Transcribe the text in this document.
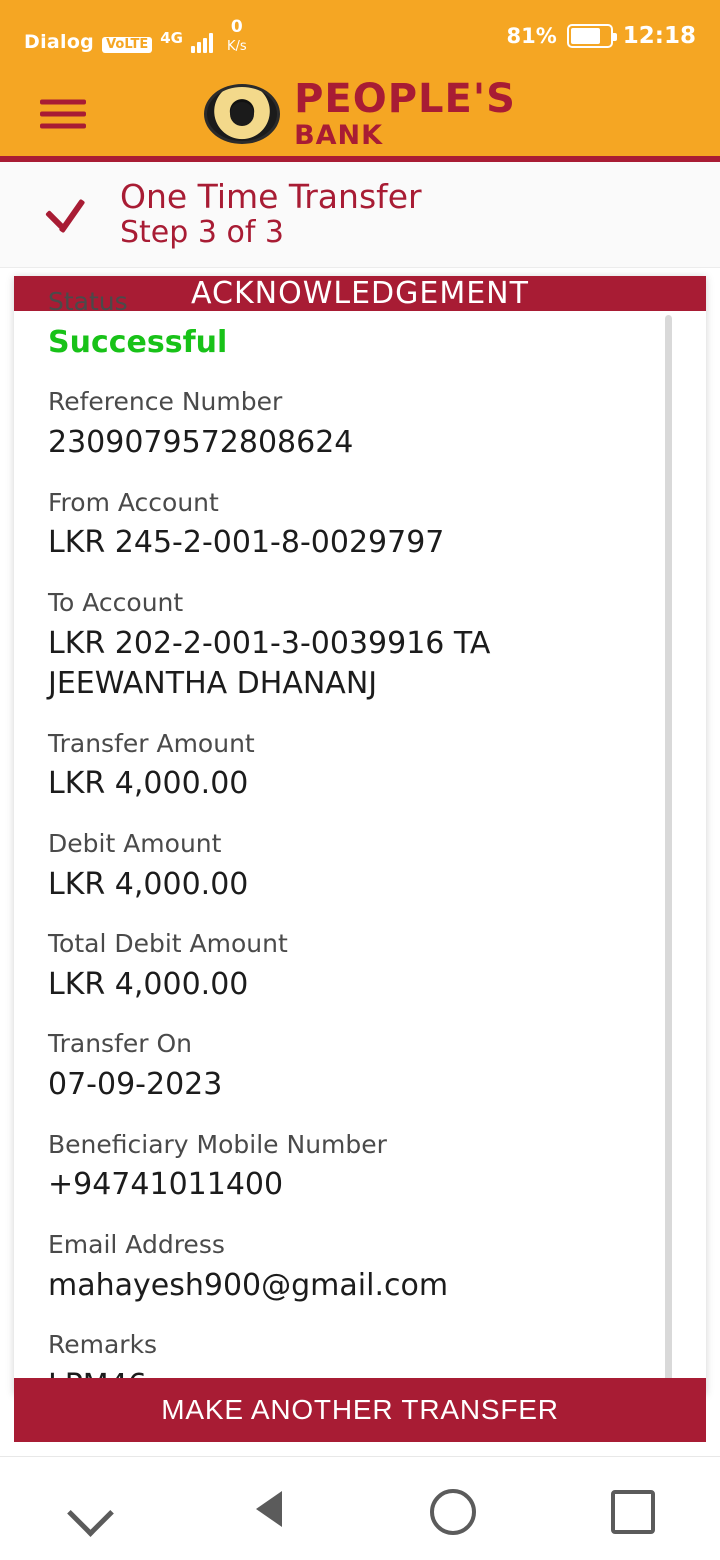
Dialog VoLTE 4G
0
K/s	81%	12:18
PEOPLE'S
BANK
One Time Transfer
Step 3 of 3
ACKNOWLEDGEMENT
Status
Successful
Reference Number
2309079572808624
From Account
LKR 245-2-001-8-0029797
To Account
LKR 202-2-001-3-0039916 TA JEEWANTHA DHANANJ
Transfer Amount
LKR 4,000.00
Debit Amount
LKR 4,000.00
Total Debit Amount
LKR 4,000.00
Transfer On
07-09-2023
Beneficiary Mobile Number
+94741011400
Email Address
mahayesh900@gmail.com
Remarks
MAKE ANOTHER TRANSFER
